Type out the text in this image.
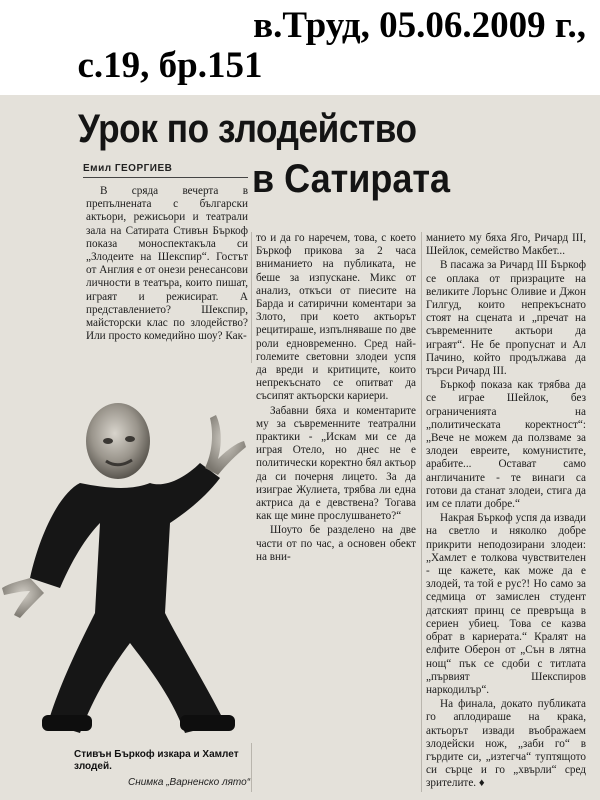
в.Труд, 05.06.2009 г.,
с.19, бр.151
Урок по злодейство
Емил ГЕОРГИЕВ в Сатирата

В сряда вечерта в препълнената с български актьори, режисьори и театрали зала на Сатирата Стивън Бъркоф показа моноспектакъла си „Злодеите на Шекспир“. Гостът от Англия е от онези ренесансови личности в театъра, които пишат, играят и режисират. А представлението? Шекспир, майсторски клас по злодейство? Или просто комедийно шоу? Как-

то и да го наречем, това, с което Бъркоф прикова за 2 часа вниманието на публиката, не беше за изпускане. Микс от анализ, откъси от пиесите на Барда и сатирични коментари за Злото, при което актьорът рецитираше, изпълняваше по две роли едновременно. Сред най-големите световни злодеи успя да вреди и критиците, които непрекъснато се опитват да съсипят актьорски кариери.

Забавни бяха и коментарите му за съвременните театрални практики - „Искам ми се да играя Отело, но днес не е политически коректно бял актьор да си почерня лицето. За да изиграе Жулиета, трябва ли една актриса да е девствена? Тогава как ще мине прослушването?“

Шоуто бе разделено на две части от по час, а основен обект на вни-

манието му бяха Яго, Ричард III, Шейлок, семейство Макбет...

В пасажа за Ричард III Бъркоф се оплака от призраците на великите Лорънс Оливие и Джон Гилгуд, които непрекъснато стоят на сцената и „пречат на съвременните актьори да играят“. Не бе пропуснат и Ал Пачино, който продължава да търси Ричард III.

Бъркоф показа как трябва да се играе Шейлок, без ограниченията на „политическата коректност“: „Вече не можем да ползваме за злодеи евреите, комунистите, арабите... Остават само англичаните - те винаги са готови да станат злодеи, стига да им се плати добре.“

Накрая Бъркоф успя да извади на светло и няколко добре прикрити неподозирани злодеи: „Хамлет е толкова чувствителен - ще кажете, как може да е злодей, та той е рус?! Но само за седмица от замислен студент датският принц се превръща в сериен убиец. Това се казва обрат в кариерата.“ Кралят на елфите Оберон от „Сън в лятна нощ“ пък се сдоби с титлата „първият Шекспиров наркодилър“.

На финала, докато публиката го аплодираше на крака, актьорът извади въображаем злодейски нож, „заби го“ в гърдите си, „изтегча“ туптящото си сърце и го „хвърли“ сред зрителите. ♦

Стивън Бъркоф изкара и Хамлет злодей.
Снимка „Варненско лято“
